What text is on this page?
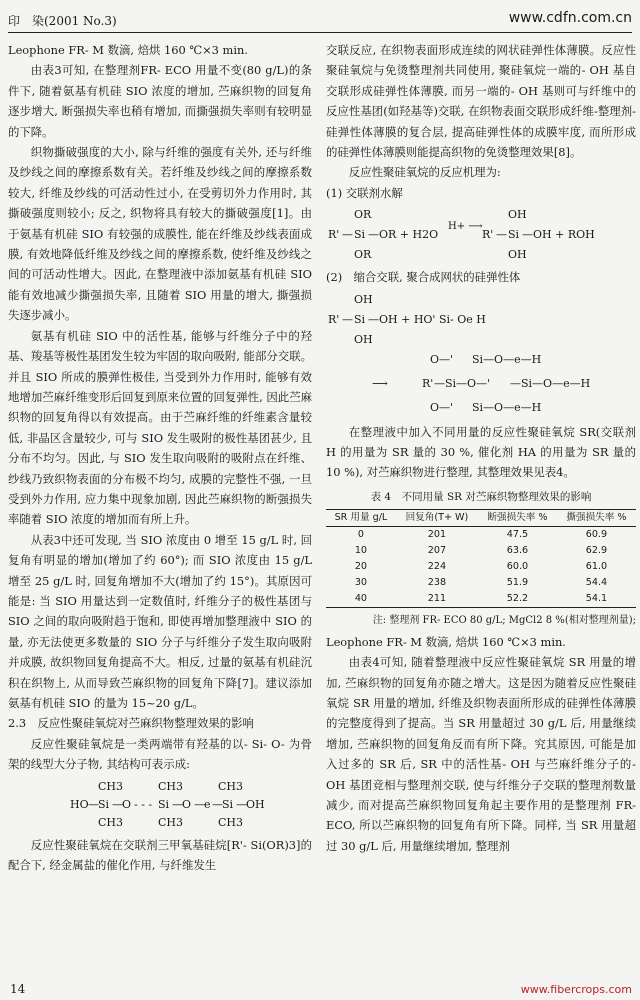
印　染(2001 No.3)	www.cdfn.com.cn

Leophone FR- M 数滴, 焙烘 160 ℃×3 min.

由表3可知, 在整理剂FR- ECO 用量不变(80 g/L)的条件下, 随着氨基有机硅 SIO 浓度的增加, 苎麻织物的回复角逐步增大, 断强损失率也稍有增加, 而撕强损失率则有较明显的下降。

织物撕破强度的大小, 除与纤维的强度有关外, 还与纤维及纱线之间的摩擦系数有关。若纤维及纱线之间的摩擦系数较大, 纤维及纱线的可活动性过小, 在受剪切外力作用时, 其撕破强度则较小; 反之, 织物将具有较大的撕破强度[1]。由于氨基有机硅 SIO 有较强的成膜性, 能在纤维及纱线表面成膜, 有效地降低纤维及纱线之间的摩擦系数, 使纤维及纱线之间的可活动性增大。因此, 在整理液中添加氨基有机硅 SIO 能有效地减少撕强损失率, 且随着 SIO 用量的增大, 撕强损失逐步减小。

氨基有机硅 SIO 中的活性基, 能够与纤维分子中的羟基、羧基等极性基团发生较为牢固的取向吸附, 能部分交联。并且 SIO 所成的膜弹性极佳, 当受到外力作用时, 能够有效地增加苎麻纤维变形后回复到原来位置的回复弹性, 因此苎麻织物的回复角得以有效提高。由于苎麻纤维的纤维素含量较低, 非晶区含量较少, 可与 SIO 发生吸附的极性基团甚少, 且分布不均匀。因此, 与 SIO 发生取向吸附的吸附点在纤维、纱线乃致织物表面的分布极不均匀, 成膜的完整性不强, 一旦受到外力作用, 应力集中现象加剧, 因此苎麻织物的断强损失率随着 SIO 浓度的增加而有所上升。

从表3中还可发现, 当 SIO 浓度由 0 增至 15 g/L 时, 回复角有明显的增加(增加了约 60°); 而 SIO 浓度由 15 g/L 增至 25 g/L 时, 回复角增加不大(增加了约 15°)。其原因可能是: 当 SIO 用量达到一定数值时, 纤维分子的极性基团与 SIO 之间的取向吸附趋于饱和, 即使再增加整理液中 SIO 的量, 亦无法使更多数量的 SIO 分子与纤维分子发生取向吸附并成膜, 故织物回复角提高不大。相反, 过量的氨基有机硅沉积在织物上, 从而导致苎麻织物的回复角下降[7]。建议添加氨基有机硅 SIO 的量为 15~20 g/L。

2.3　反应性聚硅氧烷对苎麻织物整理效果的影响

反应性聚硅氧烷是一类两端带有羟基的以- Si- O- 为骨架的线型大分子物, 其结构可表示成:

CH3	CH3	CH3
HO — Si — O - - - Si — O — e — Si — OH
CH3	CH3	CH3

反应性聚硅氧烷在交联剂三甲氧基硅烷[R'- Si(OR)3]的配合下, 经金属盐的催化作用, 与纤维发生

交联反应, 在织物表面形成连续的网状硅弹性体薄膜。反应性聚硅氧烷与免烫整理剂共同使用, 聚硅氧烷一端的- OH 基自交联形成硅弹性体薄膜, 而另一端的- OH 基则可与纤维中的反应性基团(如羟基等)交联, 在织物表面交联形成纤维-整理剂-硅弹性体薄膜的复合层, 提高硅弹性体的成膜牢度, 而所形成的硅弹性体薄膜则能提高织物的免烫整理效果[8]。

反应性聚硅氧烷的反应机理为:

(1) 交联剂水解

OR
R' — Si —OR + H2O
OR
H+ ⟶
OH
R' — Si —OH + ROH
OH

(2)　缩合交联, 聚合成网状的硅弹性体

OH
R' — Si —OH + HO' Si- Oe H
OH
O—' Si—O—e—H
⟶	R' —Si—O—' —Si—O—e—H
O—' Si—O—e—H

在整理液中加入不同用量的反应性聚硅氧烷 SR(交联剂 H 的用量为 SR 量的 30 %, 催化剂 HA 的用量为 SR 量的 10 %), 对苎麻织物进行整理, 其整理效果见表4。

表 4　不同用量 SR 对苎麻织物整理效果的影响

SR 用量 g/L	回复角(T+ W)	断强损失率 %	撕强损失率 %
0	201	47.5	60.9
10	207	63.6	62.9
20	224	60.0	61.0
30	238	51.9	54.4
40	211	52.2	54.1

注: 整理剂 FR- ECO 80 g/L; MgCl2 8 %(相对整理剂量);

Leophone FR- M 数滴, 焙烘 160 ℃×3 min.

由表4可知, 随着整理液中反应性聚硅氧烷 SR 用量的增加, 苎麻织物的回复角亦随之增大。这是因为随着反应性聚硅氧烷 SR 用量的增加, 纤维及织物表面所形成的硅弹性体薄膜的完整度得到了提高。当 SR 用量超过 30 g/L 后, 用量继续增加, 苎麻织物的回复角反而有所下降。究其原因, 可能是加入过多的 SR 后, SR 中的活性基- OH 与苎麻纤维分子的- OH 基团竞相与整理剂交联, 使与纤维分子交联的整理剂数量减少, 而对提高苎麻织物回复角起主要作用的是整理剂 FR- ECO, 所以苎麻织物的回复角有所下降。同样, 当 SR 用量超过 30 g/L 后, 用量继续增加, 整理剂

14	www.fibercrops.com
